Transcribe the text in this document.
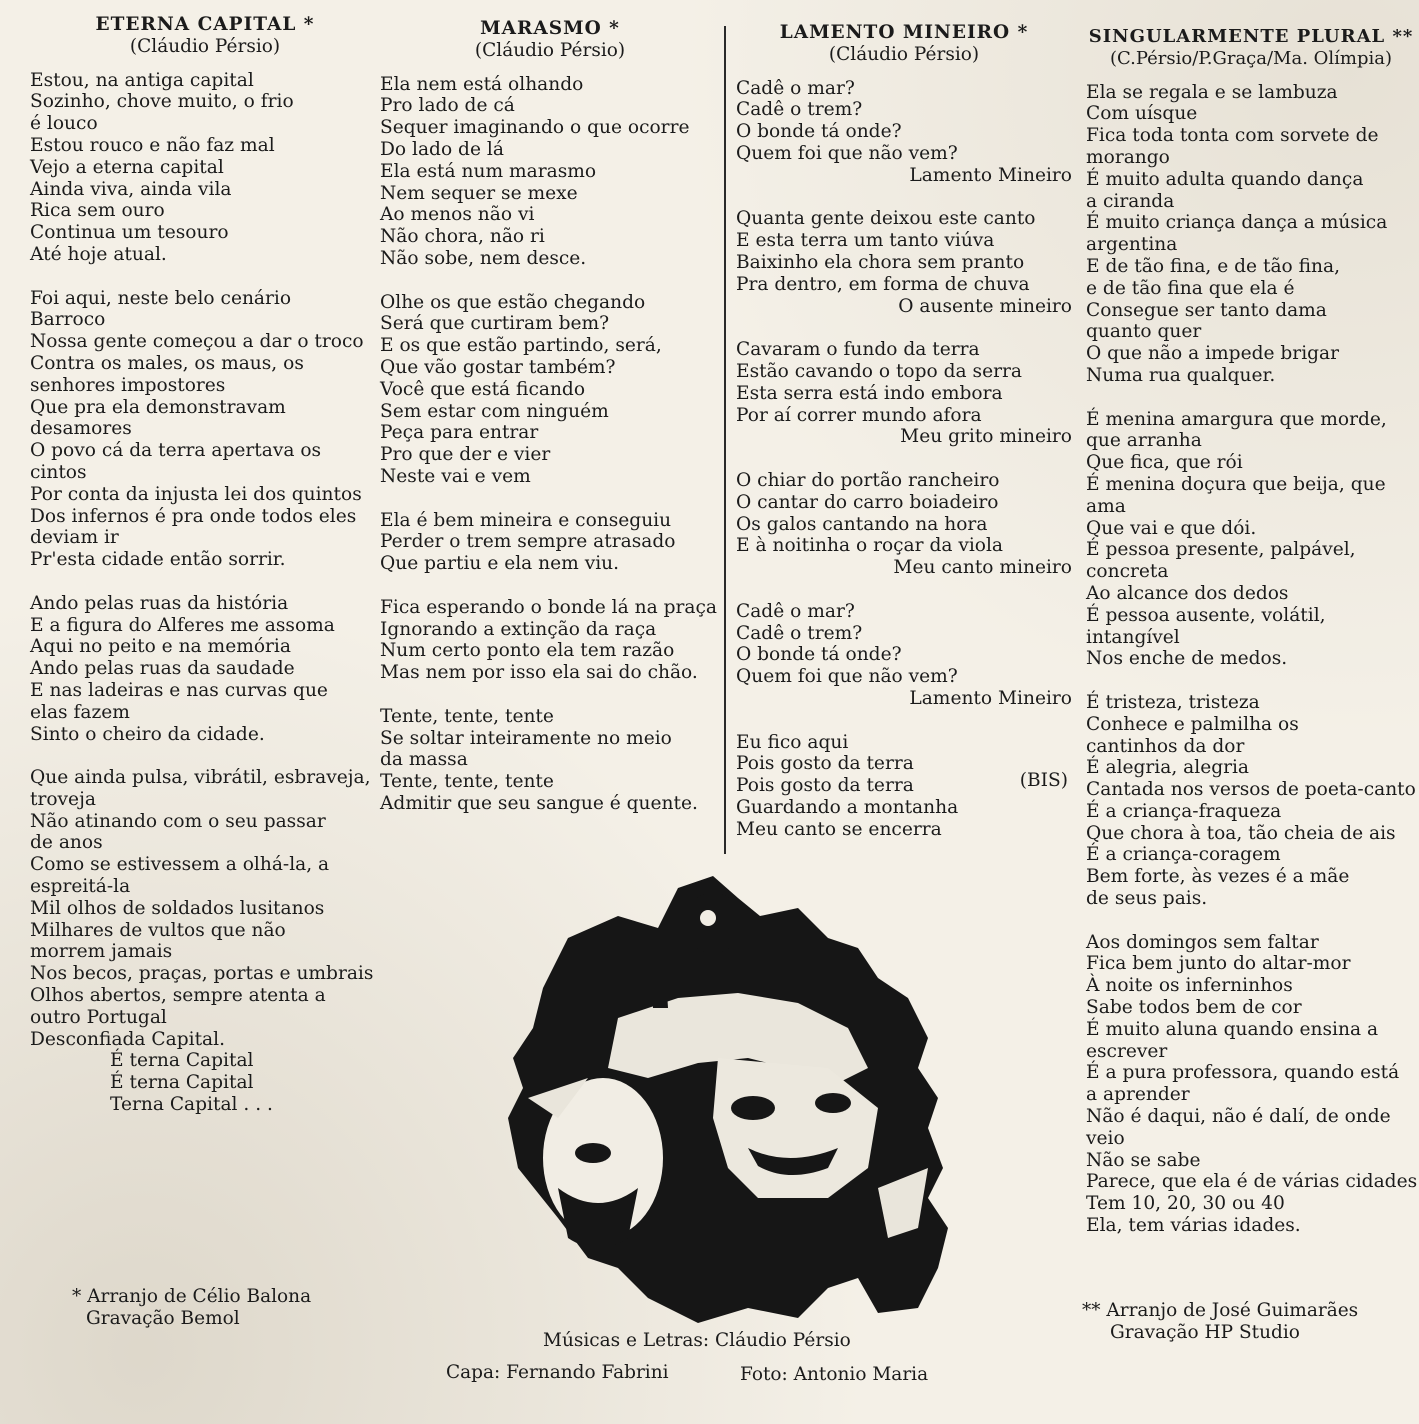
ETERNA CAPITAL *
(Cláudio Pérsio)
Estou, na antiga capital
Sozinho, chove muito, o frio
é louco
Estou rouco e não faz mal
Vejo a eterna capital
Ainda viva, ainda vila
Rica sem ouro
Continua um tesouro
Até hoje atual.
Foi aqui, neste belo cenário
Barroco
Nossa gente começou a dar o troco
Contra os males, os maus, os
senhores impostores
Que pra ela demonstravam
desamores
O povo cá da terra apertava os
cintos
Por conta da injusta lei dos quintos
Dos infernos é pra onde todos eles
deviam ir
Pr'esta cidade então sorrir.
Ando pelas ruas da história
E a figura do Alferes me assoma
Aqui no peito e na memória
Ando pelas ruas da saudade
E nas ladeiras e nas curvas que
elas fazem
Sinto o cheiro da cidade.
Que ainda pulsa, vibrátil, esbraveja,
troveja
Não atinando com o seu passar
de anos
Como se estivessem a olhá-la, a
espreitá-la
Mil olhos de soldados lusitanos
Milhares de vultos que não
morrem jamais
Nos becos, praças, portas e umbrais
Olhos abertos, sempre atenta a
outro Portugal
Desconfiada Capital.
É terna Capital
É terna Capital
Terna Capital . . .
MARASMO *
(Cláudio Pérsio)
Ela nem está olhando
Pro lado de cá
Sequer imaginando o que ocorre
Do lado de lá
Ela está num marasmo
Nem sequer se mexe
Ao menos não vi
Não chora, não ri
Não sobe, nem desce.
Olhe os que estão chegando
Será que curtiram bem?
E os que estão partindo, será,
Que vão gostar também?
Você que está ficando
Sem estar com ninguém
Peça para entrar
Pro que der e vier
Neste vai e vem
Ela é bem mineira e conseguiu
Perder o trem sempre atrasado
Que partiu e ela nem viu.
Fica esperando o bonde lá na praça
Ignorando a extinção da raça
Num certo ponto ela tem razão
Mas nem por isso ela sai do chão.
Tente, tente, tente
Se soltar inteiramente no meio
da massa
Tente, tente, tente
Admitir que seu sangue é quente.
LAMENTO MINEIRO *
(Cláudio Pérsio)
Cadê o mar?
Cadê o trem?
O bonde tá onde?
Quem foi que não vem?
Lamento Mineiro
Quanta gente deixou este canto
E esta terra um tanto viúva
Baixinho ela chora sem pranto
Pra dentro, em forma de chuva
O ausente mineiro
Cavaram o fundo da terra
Estão cavando o topo da serra
Esta serra está indo embora
Por aí correr mundo afora
Meu grito mineiro
O chiar do portão rancheiro
O cantar do carro boiadeiro
Os galos cantando na hora
E à noitinha o roçar da viola
Meu canto mineiro
Cadê o mar?
Cadê o trem?
O bonde tá onde?
Quem foi que não vem?
Lamento Mineiro
Eu fico aqui
Pois gosto da terra
Pois gosto da terra
Guardando a montanha
Meu canto se encerra
(BIS)
SINGULARMENTE PLURAL **
(C.Pérsio/P.Graça/Ma. Olímpia)
Ela se regala e se lambuza
Com uísque
Fica toda tonta com sorvete de
morango
É muito adulta quando dança
a ciranda
É muito criança dança a música
argentina
E de tão fina, e de tão fina,
e de tão fina que ela é
Consegue ser tanto dama
quanto quer
O que não a impede brigar
Numa rua qualquer.
É menina amargura que morde,
que arranha
Que fica, que rói
É menina doçura que beija, que
ama
Que vai e que dói.
É pessoa presente, palpável,
concreta
Ao alcance dos dedos
É pessoa ausente, volátil,
intangível
Nos enche de medos.
É tristeza, tristeza
Conhece e palmilha os
cantinhos da dor
É alegria, alegria
Cantada nos versos de poeta-canto
É a criança-fraqueza
Que chora à toa, tão cheia de ais
É a criança-coragem
Bem forte, às vezes é a mãe
de seus pais.
Aos domingos sem faltar
Fica bem junto do altar-mor
À noite os inferninhos
Sabe todos bem de cor
É muito aluna quando ensina a
escrever
É a pura professora, quando está
a aprender
Não é daqui, não é dalí, de onde
veio
Não se sabe
Parece, que ela é de várias cidades
Tem 10, 20, 30 ou 40
Ela, tem várias idades.
* Arranjo de Célio Balona
Gravação Bemol	** Arranjo de José Guimarães
Gravação HP Studio
Músicas e Letras: Cláudio Pérsio
Capa: Fernando Fabrini	Foto: Antonio Maria
